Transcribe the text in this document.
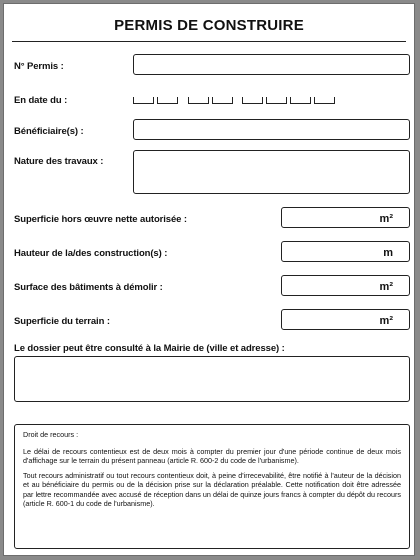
PERMIS DE CONSTRUIRE
N° Permis :
En date du :
Bénéficiaire(s) :
Nature des travaux :
Superficie hors œuvre nette autorisée :	m²
Hauteur de la/des construction(s) :	m
Surface des bâtiments à démolir :	m²
Superficie du terrain :	m²
Le dossier peut être consulté à la Mairie de (ville et adresse) :

Droit de recours :

Le délai de recours contentieux est de deux mois à compter du premier jour d'une période continue de deux mois d'affichage sur le terrain du présent panneau (article R. 600-2 du code de l'urbanisme).

Tout recours administratif ou tout recours contentieux doit, à peine d'irrecevabilité, être notifié à l'auteur de la décision et au bénéficiaire du permis ou de la décision prise sur la déclaration préalable. Cette notification doit être adressée par lettre recommandée avec accusé de réception dans un délai de quinze jours francs à compter du dépôt du recours (article R. 600-1 du code de l'urbanisme).
